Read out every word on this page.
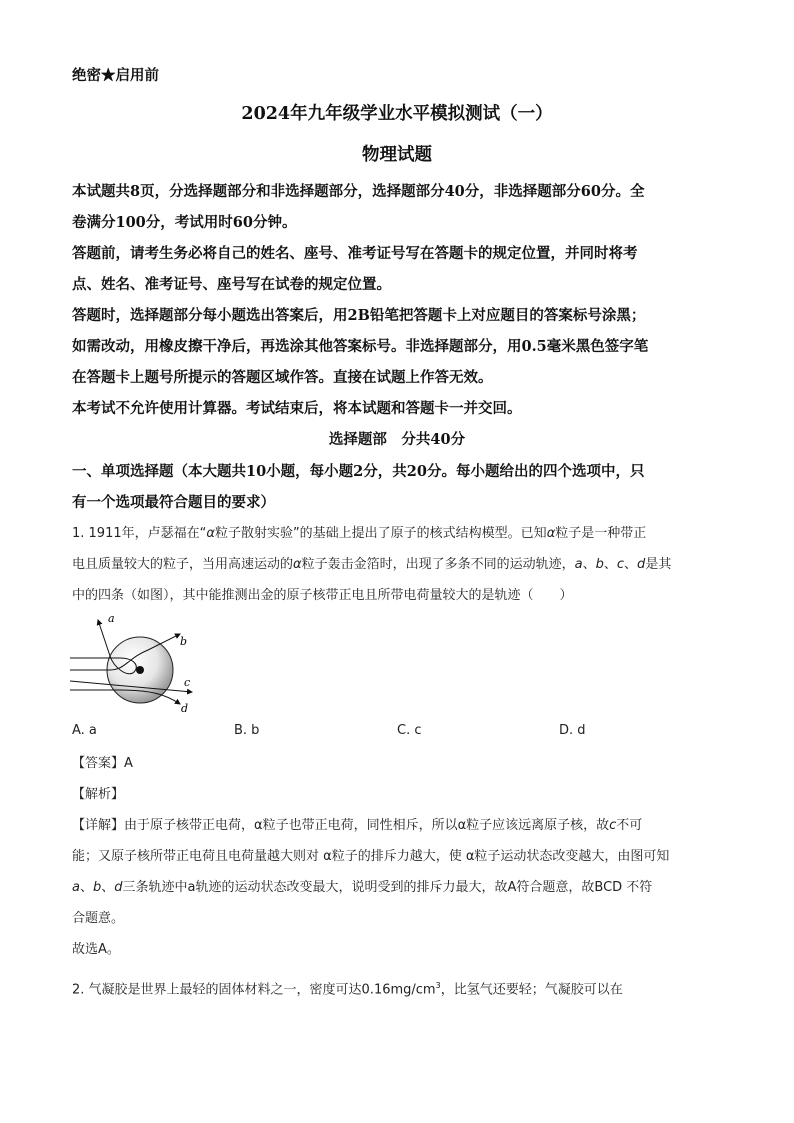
绝密★启用前
2024年九年级学业水平模拟测试（一）
物理试题
本试题共8页，分选择题部分和非选择题部分，选择题部分40分，非选择题部分60分。全
卷满分100分，考试用时60分钟。
答题前，请考生务必将自己的姓名、座号、准考证号写在答题卡的规定位置，并同时将考
点、姓名、准考证号、座号写在试卷的规定位置。
答题时，选择题部分每小题选出答案后，用2B铅笔把答题卡上对应题目的答案标号涂黑；
如需改动，用橡皮擦干净后，再选涂其他答案标号。非选择题部分，用0.5毫米黑色签字笔
在答题卡上题号所提示的答题区域作答。直接在试题上作答无效。
本考试不允许使用计算器。考试结束后，将本试题和答题卡一并交回。
选择题部　分共40分
一、单项选择题（本大题共10小题，每小题2分，共20分。每小题给出的四个选项中，只
有一个选项最符合题目的要求）
1. 1911年，卢瑟福在“α粒子散射实验”的基础上提出了原子的核式结构模型。已知α粒子是一种带正
电且质量较大的粒子，当用高速运动的α粒子轰击金箔时，出现了多条不同的运动轨迹，a、b、c、d是其
中的四条（如图），其中能推测出金的原子核带正电且所带电荷量较大的是轨迹（　　）
a
b
c
d
A. a	B. b	C. c	D. d
【答案】A
【解析】
【详解】由于原子核带正电荷，α粒子也带正电荷，同性相斥，所以α粒子应该远离原子核，故c不可
能；又原子核所带正电荷且电荷量越大则对 α粒子的排斥力越大，使 α粒子运动状态改变越大，由图可知
a、b、d三条轨迹中a轨迹的运动状态改变最大，说明受到的排斥力最大，故A符合题意，故BCD 不符
合题意。
故选A。
2. 气凝胶是世界上最轻的固体材料之一，密度可达$0.16mg/cm^3$，比氢气还要轻；气凝胶可以在
